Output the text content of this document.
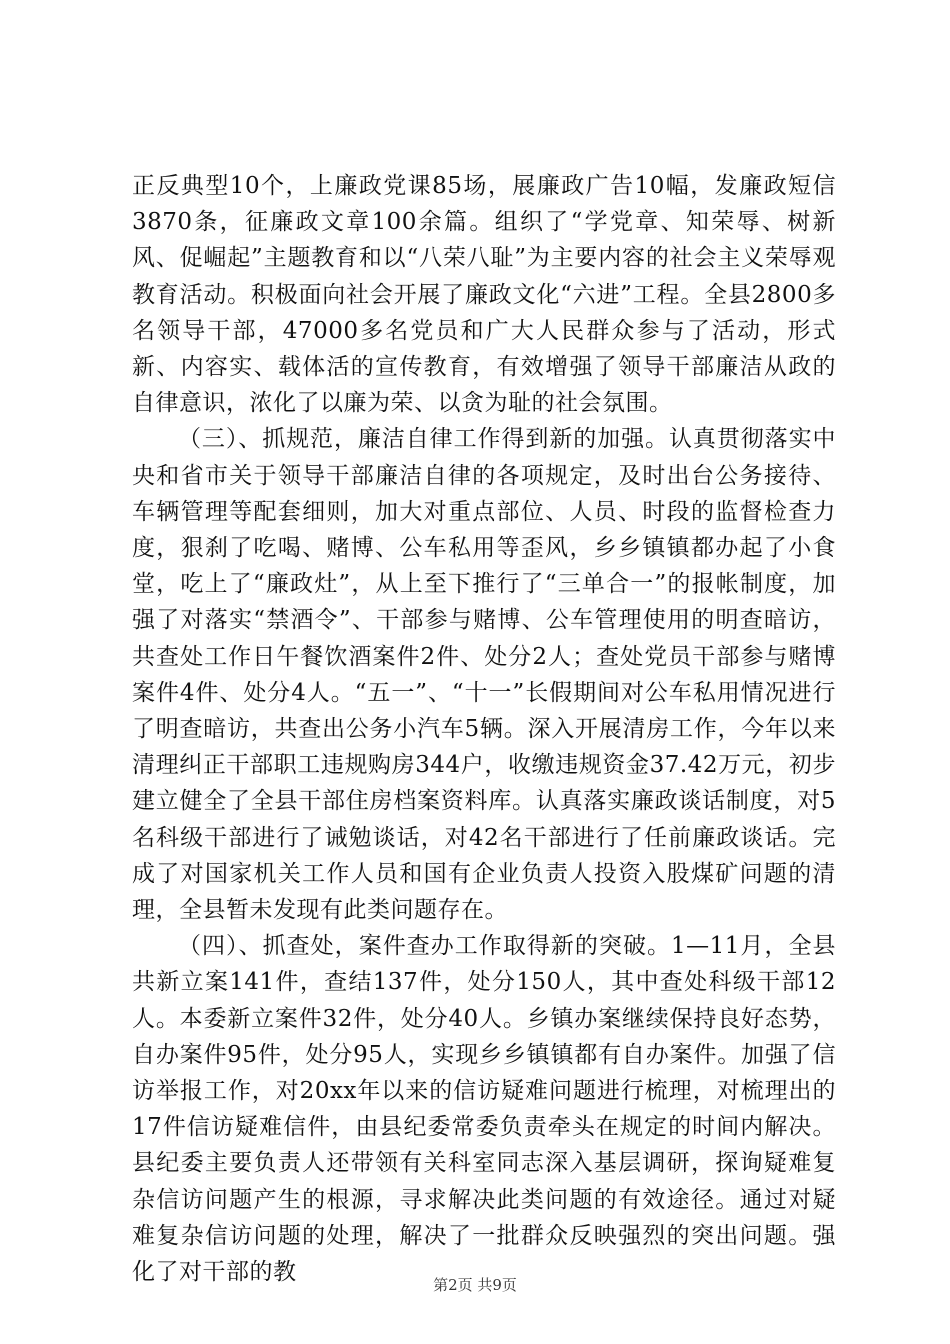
正反典型10个，上廉政党课85场，展廉政广告10幅，发廉政短信3870条，征廉政文章100余篇。组织了“学党章、知荣辱、树新风、促崛起”主题教育和以“八荣八耻”为主要内容的社会主义荣辱观教育活动。积极面向社会开展了廉政文化“六进”工程。全县2800多名领导干部，47000多名党员和广大人民群众参与了活动，形式新、内容实、载体活的宣传教育，有效增强了领导干部廉洁从政的自律意识，浓化了以廉为荣、以贪为耻的社会氛围。

（三）、抓规范，廉洁自律工作得到新的加强。认真贯彻落实中央和省市关于领导干部廉洁自律的各项规定，及时出台公务接待、车辆管理等配套细则，加大对重点部位、人员、时段的监督检查力度，狠刹了吃喝、赌博、公车私用等歪风，乡乡镇镇都办起了小食堂，吃上了“廉政灶”，从上至下推行了“三单合一”的报帐制度，加强了对落实“禁酒令”、干部参与赌博、公车管理使用的明查暗访，共查处工作日午餐饮酒案件2件、处分2人；查处党员干部参与赌博案件4件、处分4人。“五一”、“十一”长假期间对公车私用情况进行了明查暗访，共查出公务小汽车5辆。深入开展清房工作，今年以来清理纠正干部职工违规购房344户，收缴违规资金37.42万元，初步建立健全了全县干部住房档案资料库。认真落实廉政谈话制度，对5名科级干部进行了诫勉谈话，对42名干部进行了任前廉政谈话。完成了对国家机关工作人员和国有企业负责人投资入股煤矿问题的清理，全县暂未发现有此类问题存在。

（四）、抓查处，案件查办工作取得新的突破。1—11月，全县共新立案141件，查结137件，处分150人，其中查处科级干部12人。本委新立案件32件，处分40人。乡镇办案继续保持良好态势，自办案件95件，处分95人，实现乡乡镇镇都有自办案件。加强了信访举报工作，对20xx年以来的信访疑难问题进行梳理，对梳理出的17件信访疑难信件，由县纪委常委负责牵头在规定的时间内解决。县纪委主要负责人还带领有关科室同志深入基层调研，探询疑难复杂信访问题产生的根源，寻求解决此类问题的有效途径。通过对疑难复杂信访问题的处理，解决了一批群众反映强烈的突出问题。强化了对干部的教	第2页 共9页
